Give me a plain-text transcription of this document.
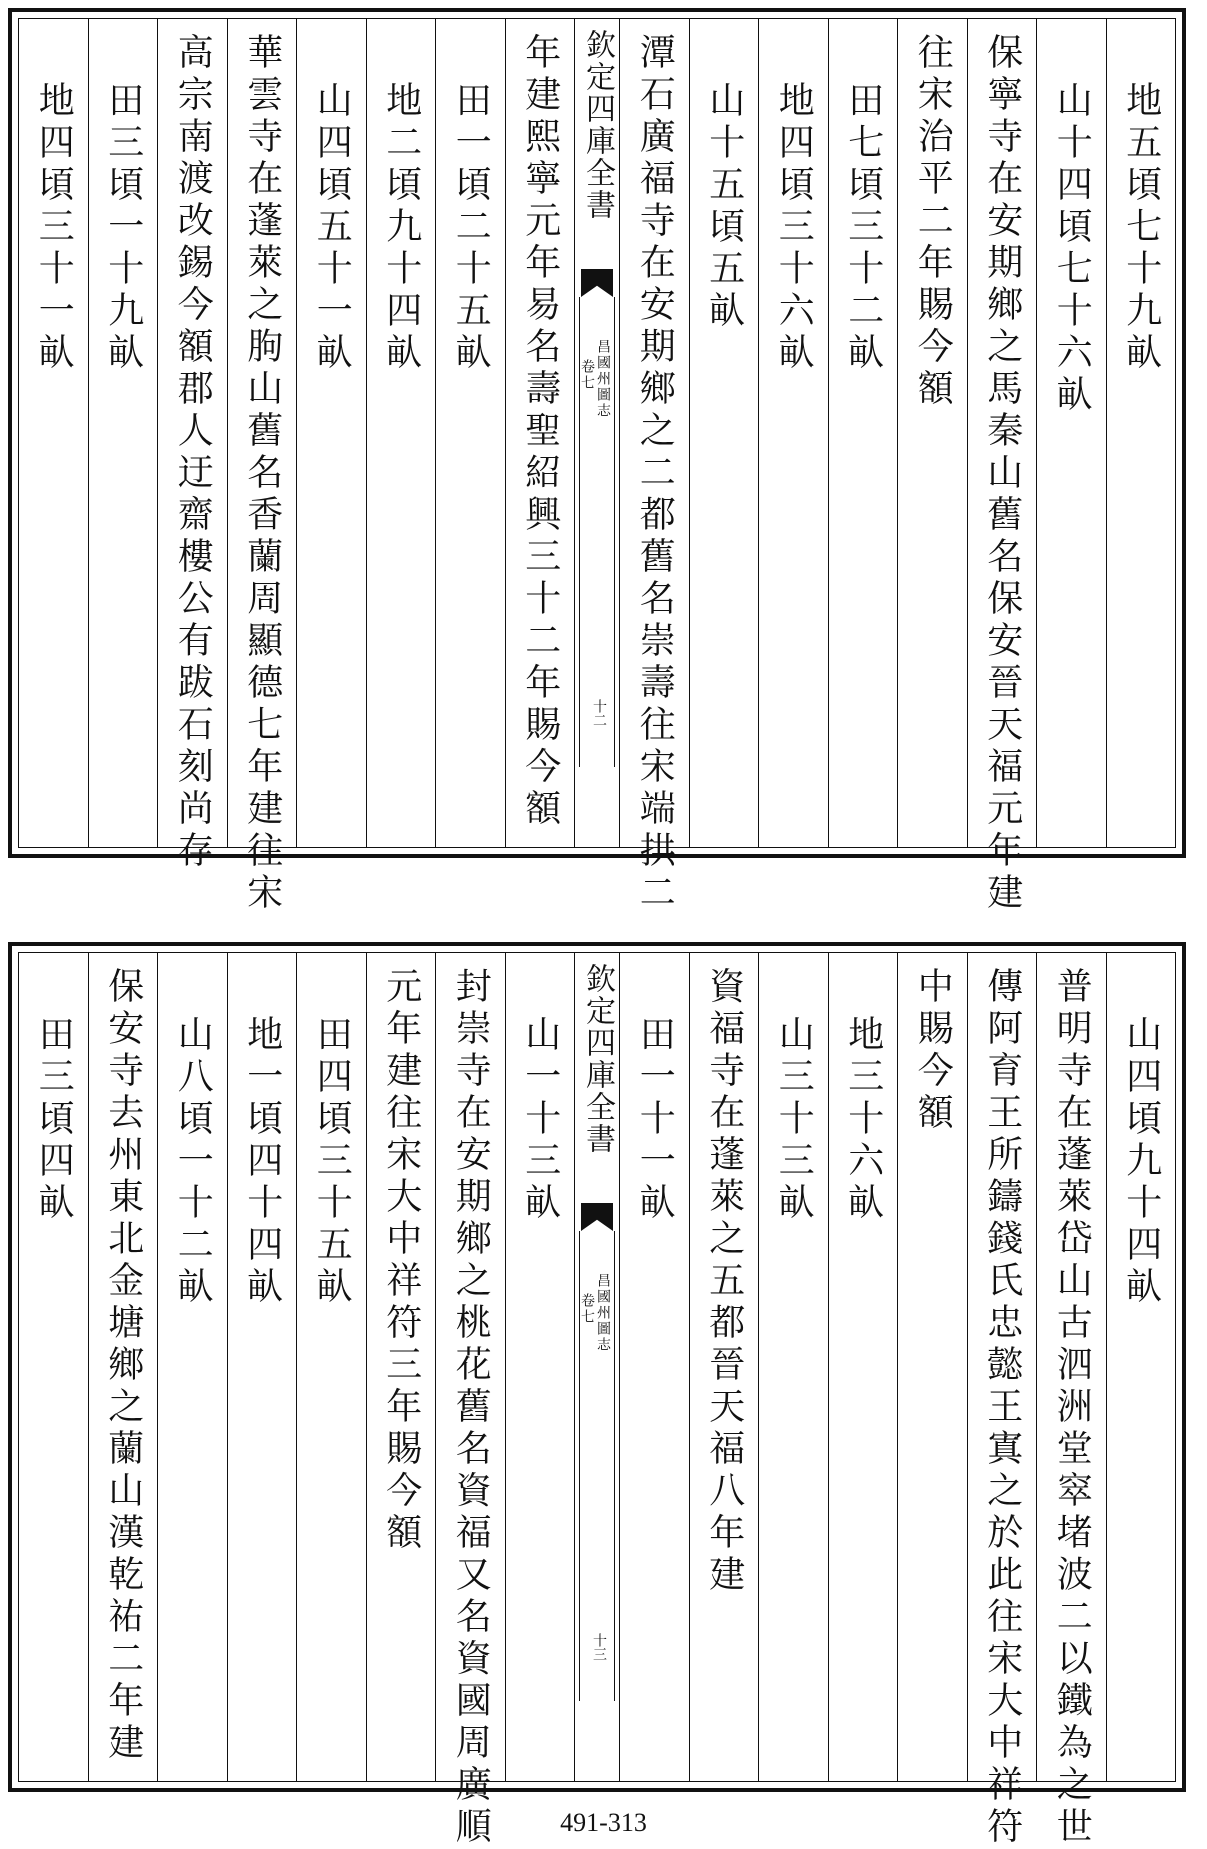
地五頃七十九畒
山十四頃七十六畒
保寧寺在安期鄉之馬秦山舊名保安晉天福元年建
往宋治平二年賜今額
田七頃三十二畒
地四頃三十六畒
山十五頃五畒
潭石廣福寺在安期鄉之二都舊名崇壽往宋端拱二
欽定四庫全書
昌國州圖志
卷七
十二
年建熙寧元年易名壽聖紹興三十二年賜今額
田一頃二十五畒
地二頃九十四畒
山四頃五十一畒
華雲寺在蓬萊之朐山舊名香蘭周顯德七年建往宋
高宗南渡改錫今額郡人迂齋樓公有跋石刻尚存
田三頃一十九畒
地四頃三十一畒
山四頃九十四畒
普明寺在蓬萊岱山古泗洲堂窣堵波二以鐵為之世
傳阿育王所鑄錢氏忠懿王寘之於此往宋大中祥符
中賜今額
地三十六畒
山三十三畒
資福寺在蓬萊之五都晉天福八年建
田一十一畒
欽定四庫全書
昌國州圖志
卷七
十三
山一十三畒
封崇寺在安期鄉之桃花舊名資福又名資國周廣順
元年建往宋大中祥符三年賜今額
田四頃三十五畒
地一頃四十四畒
山八頃一十二畒
保安寺去州東北金塘鄉之蘭山漢乾祐二年建
田三頃四畒
491-313
